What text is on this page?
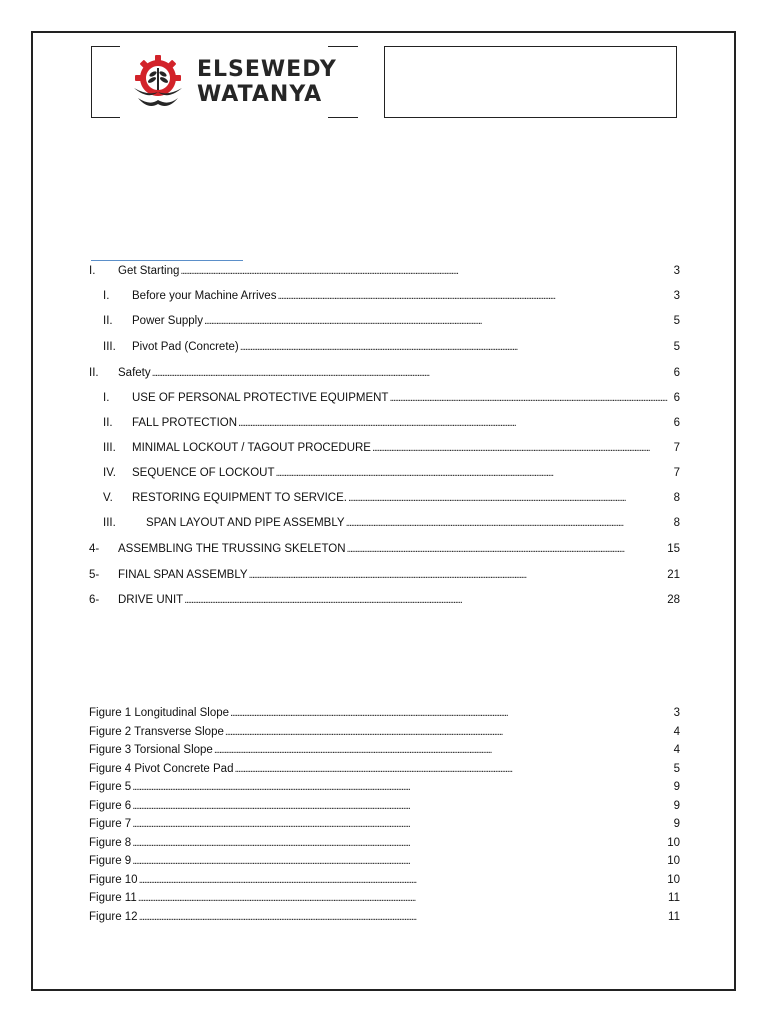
ELSEWEDY
WATANYA
I.	Get Starting . . .	3
I.	Before your Machine Arrives . . .	3
II.	Power Supply . . .	5
III.	Pivot Pad (Concrete) . . .	5
II.	Safety . . .	6
I.	USE OF PERSONAL PROTECTIVE EQUIPMENT . . .	6
II.	FALL PROTECTION . . .	6
III.	MINIMAL LOCKOUT / TAGOUT PROCEDURE . . .	7
IV.	SEQUENCE OF LOCKOUT . . .	7
V.	RESTORING EQUIPMENT TO SERVICE. . . .	8
III.	SPAN LAYOUT AND PIPE ASSEMBLY . . .	8
4-	ASSEMBLING THE TRUSSING SKELETON . . .	15
5-	FINAL SPAN ASSEMBLY . . .	21
6-	DRIVE UNIT . . .	28
Figure 1 Longitudinal Slope . . .	3
Figure 2 Transverse Slope . . .	4
Figure 3 Torsional Slope . . .	4
Figure 4 Pivot Concrete Pad . . .	5
Figure 5 . . .	9
Figure 6 . . .	9
Figure 7 . . .	9
Figure 8 . . .	10
Figure 9 . . .	10
Figure 10 . . .	10
Figure 11 . . .	11
Figure 12 . . .	11
